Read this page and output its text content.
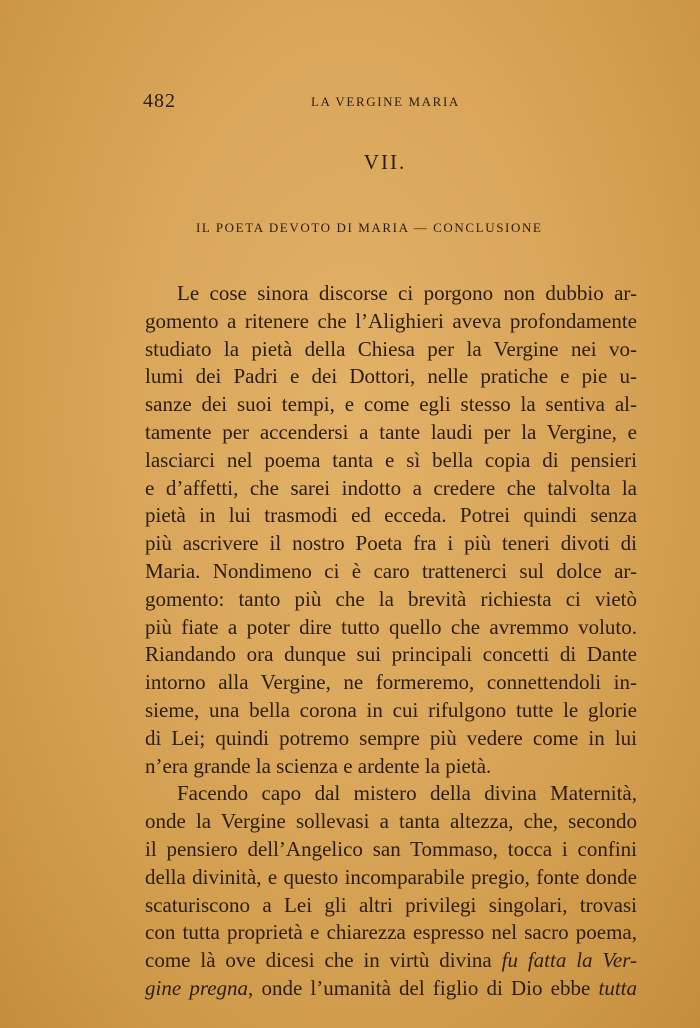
482	LA VERGINE MARIA
VII.
IL POETA DEVOTO DI MARIA — CONCLUSIONE
Le cose sinora discorse ci porgono non dubbio ar-
gomento a ritenere che l’Alighieri aveva profondamente
studiato la pietà della Chiesa per la Vergine nei vo-
lumi dei Padri e dei Dottori, nelle pratiche e pie u-
sanze dei suoi tempi, e come egli stesso la sentiva al-
tamente per accendersi a tante laudi per la Vergine, e
lasciarci nel poema tanta e sì bella copia di pensieri
e d’affetti, che sarei indotto a credere che talvolta la
pietà in lui trasmodi ed ecceda. Potrei quindi senza
più ascrivere il nostro Poeta fra i più teneri divoti di
Maria. Nondimeno ci è caro trattenerci sul dolce ar-
gomento: tanto più che la brevità richiesta ci vietò
più fiate a poter dire tutto quello che avremmo voluto.
Riandando ora dunque sui principali concetti di Dante
intorno alla Vergine, ne formeremo, connettendoli in-
sieme, una bella corona in cui rifulgono tutte le glorie
di Lei; quindi potremo sempre più vedere come in lui
n’era grande la scienza e ardente la pietà.
Facendo capo dal mistero della divina Maternità,
onde la Vergine sollevasi a tanta altezza, che, secondo
il pensiero dell’Angelico san Tommaso, tocca i confini
della divinità, e questo incomparabile pregio, fonte donde
scaturiscono a Lei gli altri privilegi singolari, trovasi
con tutta proprietà e chiarezza espresso nel sacro poema,
come là ove dicesi che in virtù divina fu fatta la Ver-
gine pregna, onde l’umanità del figlio di Dio ebbe tutta
